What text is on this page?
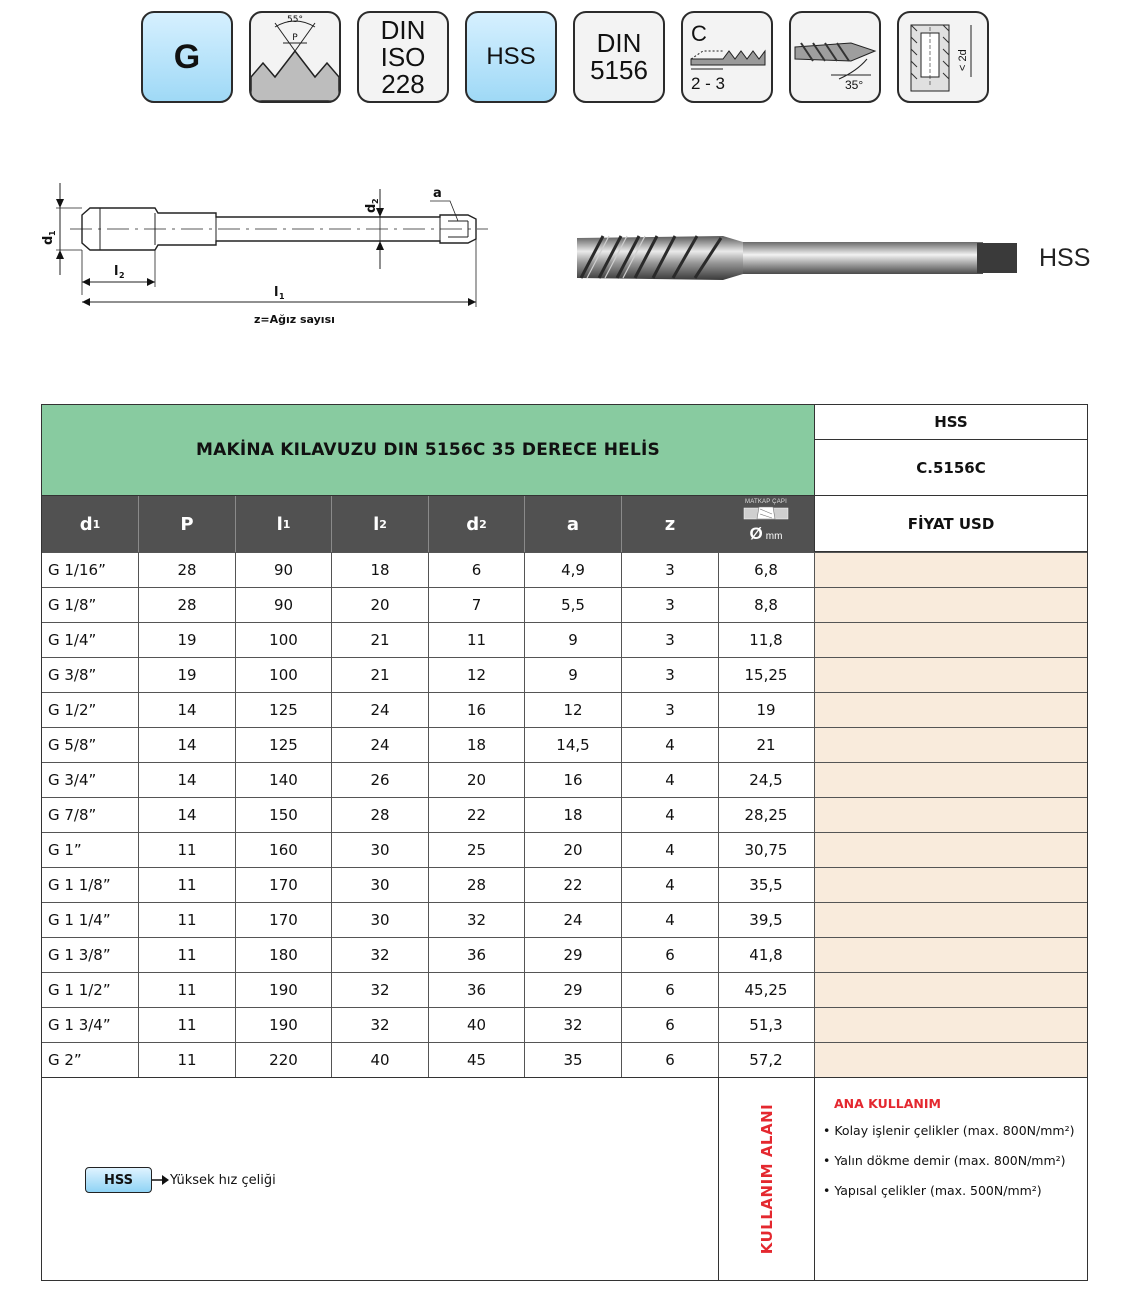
G
55°
P	DIN
ISO
228
HSS DIN
5156
C
2 - 3	35°
< 2d
d
1
d
2
a
l 2
l 1
z=Ağız sayısı
HSS
MAKİNA KILAVUZU DIN 5156C 35 DERECE HELİS
HSS
C.5156C
FİYAT USD
d 1	P	l 1	l 2	d 2	a	z
MATKAP ÇAPI
Ø mm
G 1/16”	28	90	18	6	4,9	3	6,8
G 1/8”	28	90	20	7	5,5	3	8,8
G 1/4”	19	100	21	11	9	3	11,8
G 3/8”	19	100	21	12	9	3	15,25
G 1/2”	14	125	24	16	12	3	19
G 5/8”	14	125	24	18	14,5	4	21
G 3/4”	14	140	26	20	16	4	24,5
G 7/8”	14	150	28	22	18	4	28,25
G 1”	11	160	30	25	20	4	30,75
G 1 1/8”	11	170	30	28	22	4	35,5
G 1 1/4”	11	170	30	32	24	4	39,5
G 1 3/8”	11	180	32	36	29	6	41,8
G 1 1/2”	11	190	32	36	29	6	45,25
G 1 3/4”	11	190	32	40	32	6	51,3
G 2”	11	220	40	45	35	6	57,2
HSS	Yüksek hız çeliği	KULLANIM ALANI
ANA KULLANIM
• Kolay işlenir çelikler (max. 800N/mm²)
• Yalın dökme demir (max. 800N/mm²)
• Yapısal çelikler (max. 500N/mm²)
